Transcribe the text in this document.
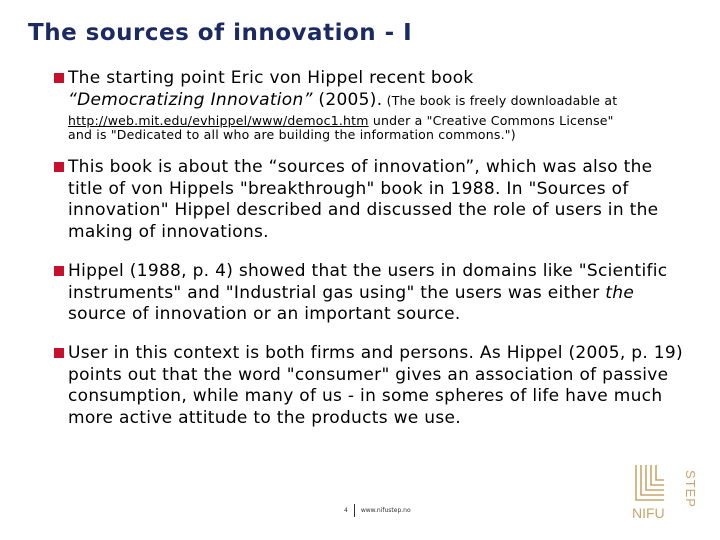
The sources of innovation - I
The starting point Eric von Hippel recent book
“Democratizing Innovation” (2005). (The book is freely downloadable at
http://web.mit.edu/evhippel/www/democ1.htm under a "Creative Commons License"
and is "Dedicated to all who are building the information commons.")
This book is about the “sources of innovation”, which was also the title of von Hippels "breakthrough" book in 1988. In "Sources of innovation" Hippel described and discussed the role of users in the making of innovations.
Hippel (1988, p. 4) showed that the users in domains like "Scientific instruments" and "Industrial gas using" the users was either the source of innovation or an important source.
User in this context is both firms and persons. As Hippel (2005, p. 19) points out that the word "consumer" gives an association of passive consumption, while many of us - in some spheres of life have much more active attitude to the products we use.
4 www.nifustep.no	NIFU
STEP
